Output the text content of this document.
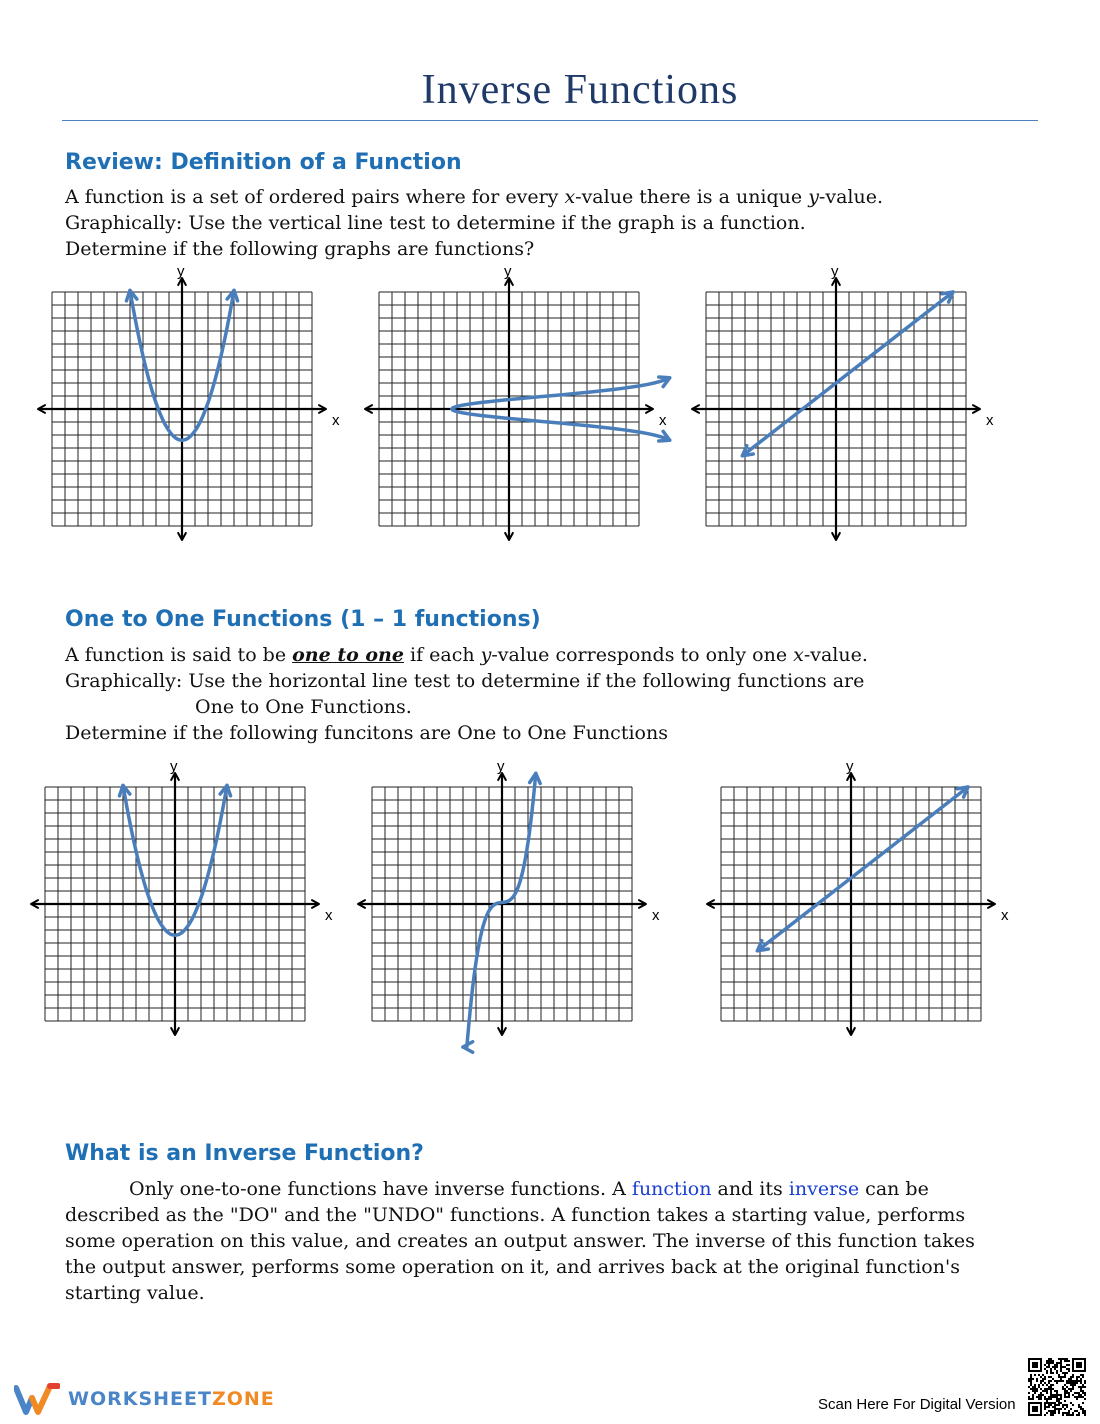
Inverse Functions
Review: Definition of a Function

A function is a set of ordered pairs where for every x-value there is a unique y-value.

Graphically: Use the vertical line test to determine if the graph is a function.

Determine if the following graphs are functions?

x
y
x
y
x
y
One to One Functions (1 – 1 functions)

A function is said to be one to one if each y-value corresponds to only one x-value.

Graphically: Use the horizontal line test to determine if the following functions are

One to One Functions.

Determine if the following funcitons are One to One Functions

x
y
x
y
x
y
What is an Inverse Function?

Only one-to-one functions have inverse functions. A function and its inverse can be

described as the "DO" and the "UNDO" functions. A function takes a starting value, performs

some operation on this value, and creates an output answer. The inverse of this function takes

the output answer, performs some operation on it, and arrives back at the original function's

starting value.

WORKSHEETZONE	Scan Here For Digital Version
